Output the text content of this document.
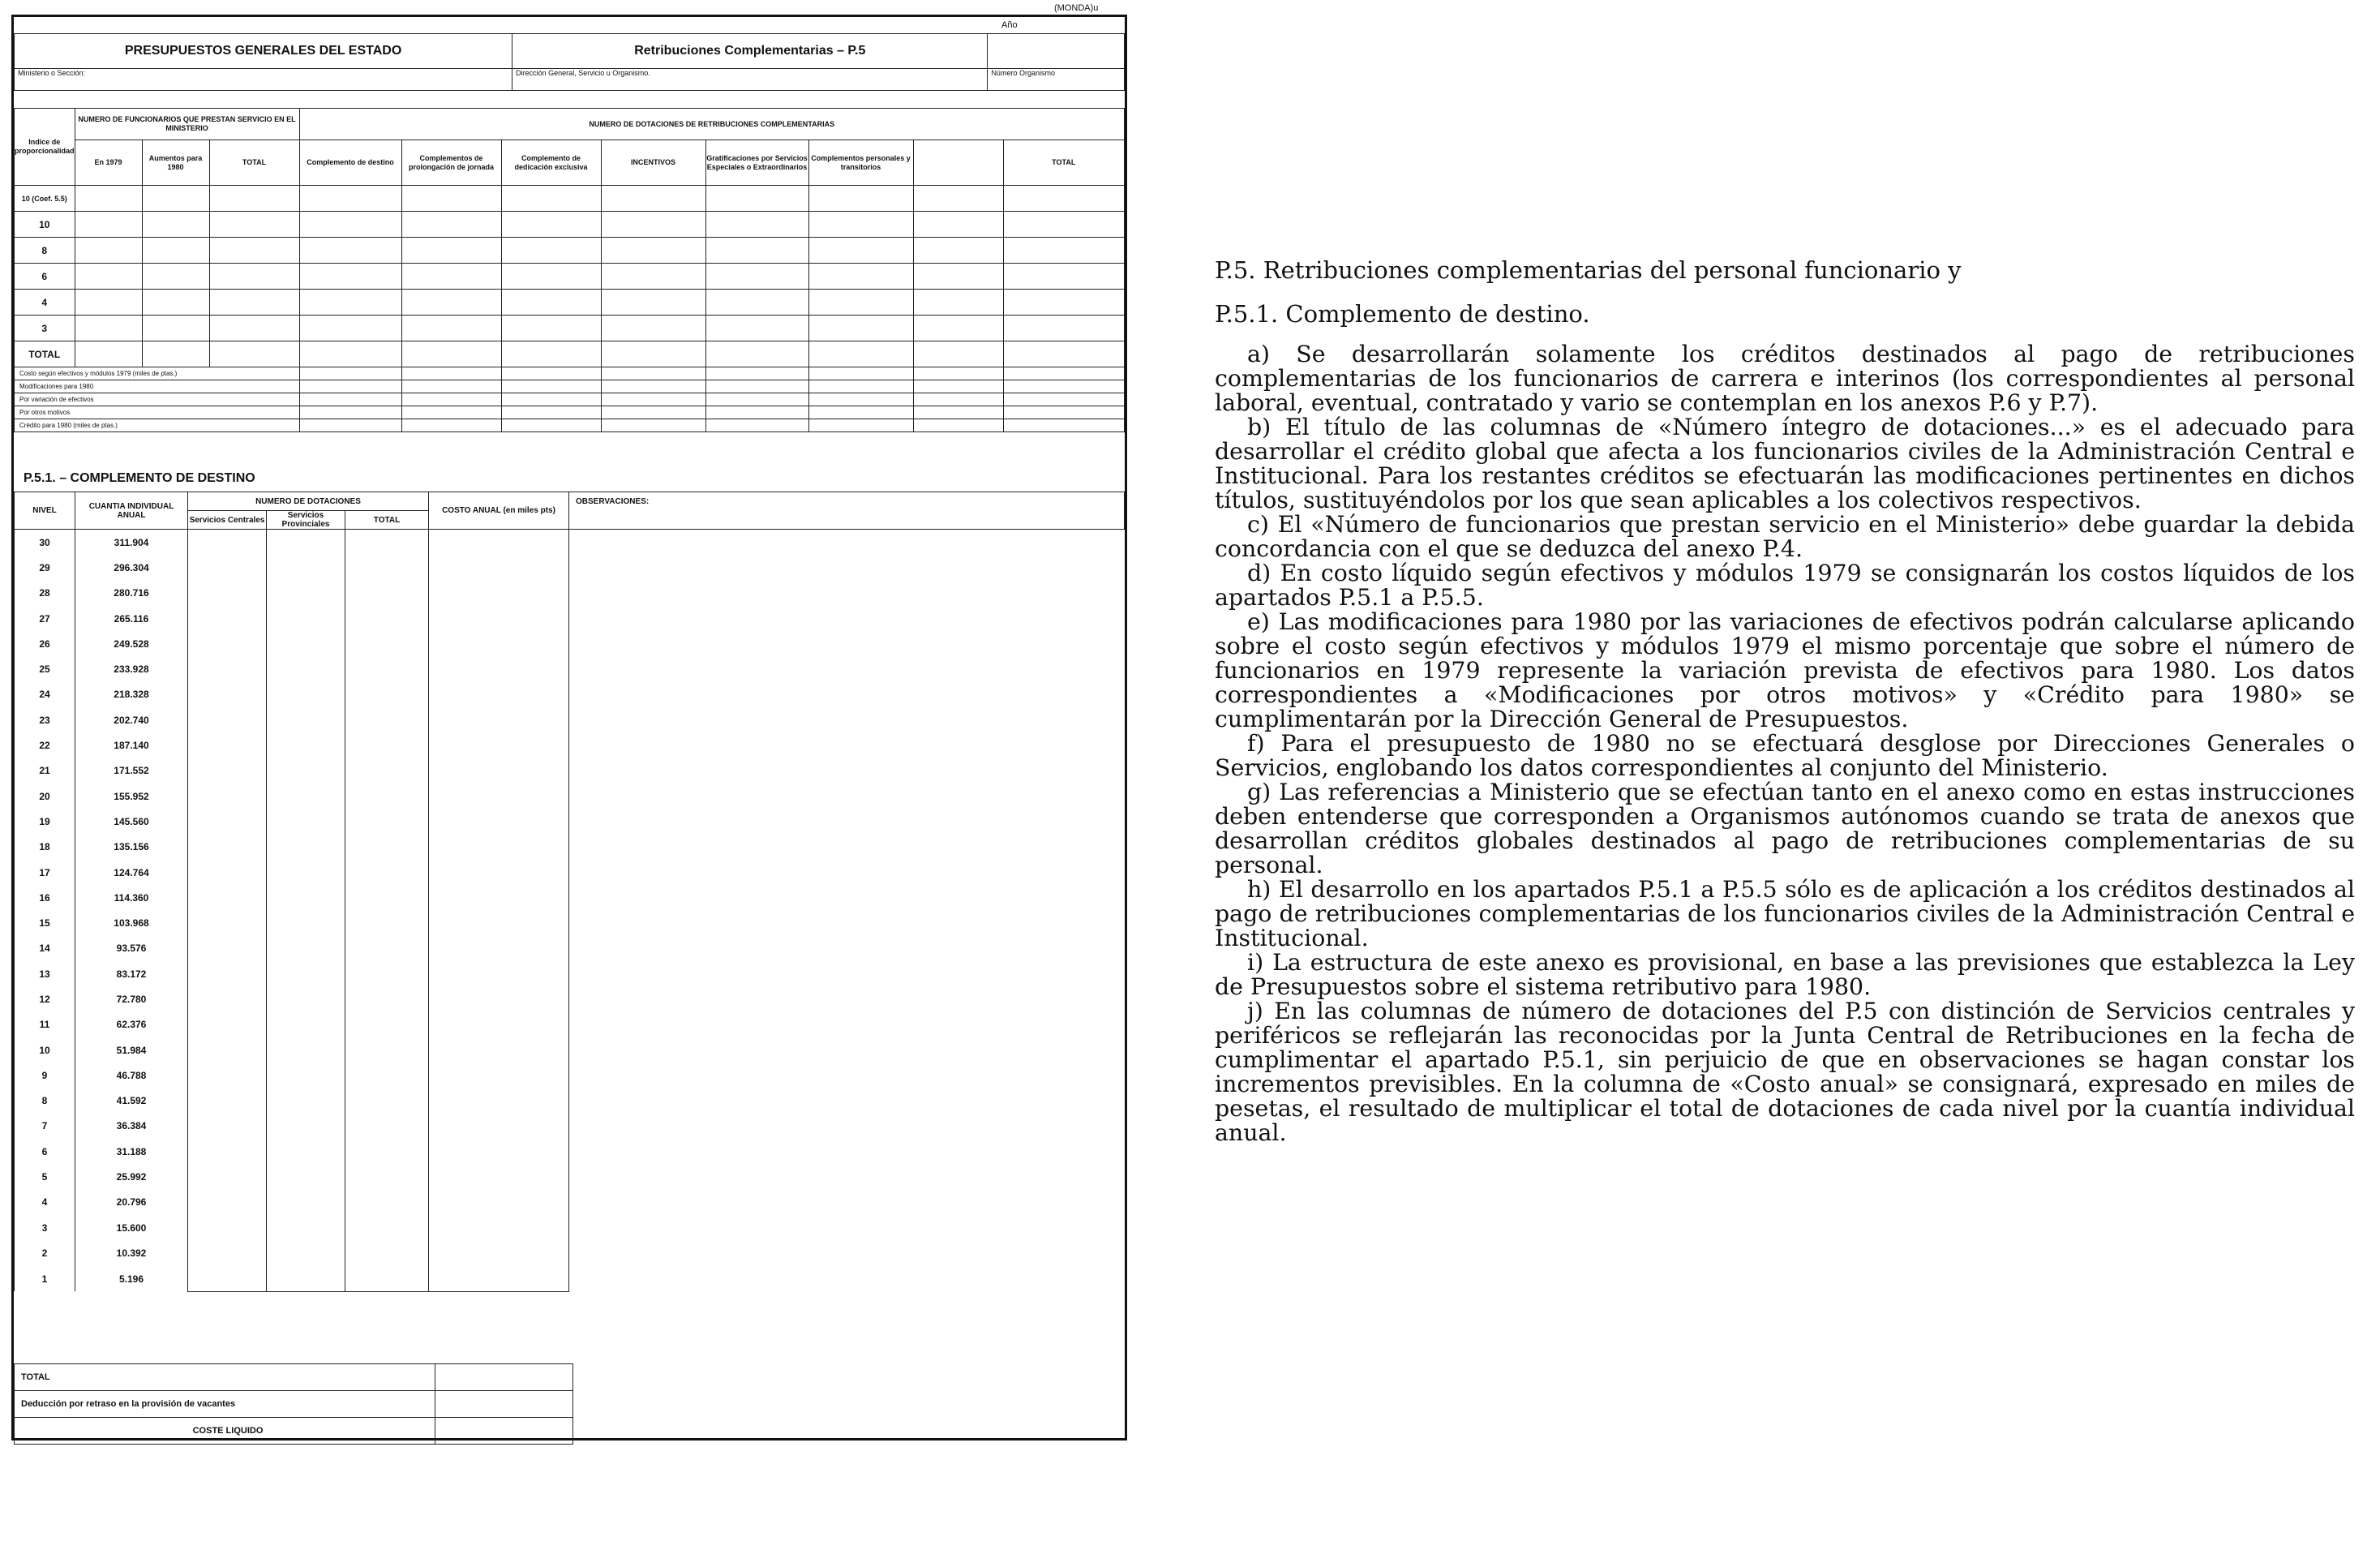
(MONDA)u
Año
PRESUPUESTOS GENERALES DEL ESTADO	Retribuciones Complementarias – P.5	
Ministerio o Sección:	Dirección General, Servicio u Organismo.	Número Organismo
Indice de proporcionalidad	NUMERO DE FUNCIONARIOS QUE PRESTAN SERVICIO EN EL MINISTERIO			NUMERO DE DOTACIONES DE RETRIBUCIONES COMPLEMENTARIAS							
	En 1979	Aumentos para 1980	TOTAL	Complemento de destino	Complementos de prolongación de jornada	Complemento de dedicación exclusiva	INCENTIVOS	Gratificaciones por Servicios Especiales o Extraordinarios	Complementos personales y transitorios		TOTAL
10 (Coef. 5.5)											
10											
8											
6											
4											
3											
TOTAL											
Costo según efectivos y módulos 1979 (miles de ptas.)											
Modificaciones para 1980											
Por variación de efectivos											
Por otros motivos											
Crédito para 1980 (miles de ptas.)											
P.5.1. – COMPLEMENTO DE DESTINO
NIVEL	CUANTIA INDIVIDUAL ANUAL	NUMERO DE DOTACIONES			COSTO ANUAL (en miles pts)	OBSERVACIONES:
		Servicios Centrales	Servicios Provinciales	TOTAL		
30	311.904					
29	296.304					
28	280.716					
27	265.116					
26	249.528					
25	233.928					
24	218.328					
23	202.740					
22	187.140					
21	171.552					
20	155.952					
19	145.560					
18	135.156					
17	124.764					
16	114.360					
15	103.968					
14	93.576					
13	83.172					
12	72.780					
11	62.376					
10	51.984					
9	46.788					
8	41.592					
7	36.384					
6	31.188					
5	25.992					
4	20.796					
3	15.600					
2	10.392					
1	5.196					
TOTAL	
Deducción por retraso en la provisión de vacantes	
COSTE LIQUIDO	
P.5. Retribuciones complementarias del personal funcionario y
P.5.1. Complemento de destino.

a) Se desarrollarán solamente los créditos destinados al pago de retribuciones complementarias de los funcionarios de carrera e interinos (los correspondientes al personal laboral, eventual, contratado y vario se contemplan en los anexos P.6 y P.7).

b) El título de las columnas de «Número íntegro de dotaciones...» es el adecuado para desarrollar el crédito global que afecta a los funcionarios civiles de la Administración Central e Institucional. Para los restantes créditos se efectuarán las modificaciones pertinentes en dichos títulos, sustituyéndolos por los que sean aplicables a los colectivos respectivos.

c) El «Número de funcionarios que prestan servicio en el Ministerio» debe guardar la debida concordancia con el que se deduzca del anexo P.4.

d) En costo líquido según efectivos y módulos 1979 se consignarán los costos líquidos de los apartados P.5.1 a P.5.5.

e) Las modificaciones para 1980 por las variaciones de efectivos podrán calcularse aplicando sobre el costo según efectivos y módulos 1979 el mismo porcentaje que sobre el número de funcionarios en 1979 represente la variación prevista de efectivos para 1980. Los datos correspondientes a «Modificaciones por otros motivos» y «Crédito para 1980» se cumplimentarán por la Dirección General de Presupuestos.

f) Para el presupuesto de 1980 no se efectuará desglose por Direcciones Generales o Servicios, englobando los datos correspondientes al conjunto del Ministerio.

g) Las referencias a Ministerio que se efectúan tanto en el anexo como en estas instrucciones deben entenderse que corresponden a Organismos autónomos cuando se trata de anexos que desarrollan créditos globales destinados al pago de retribuciones complementarias de su personal.

h) El desarrollo en los apartados P.5.1 a P.5.5 sólo es de aplicación a los créditos destinados al pago de retribuciones complementarias de los funcionarios civiles de la Administración Central e Institucional.

i) La estructura de este anexo es provisional, en base a las previsiones que establezca la Ley de Presupuestos sobre el sistema retributivo para 1980.

j) En las columnas de número de dotaciones del P.5 con distinción de Servicios centrales y periféricos se reflejarán las reconocidas por la Junta Central de Retribuciones en la fecha de cumplimentar el apartado P.5.1, sin perjuicio de que en observaciones se hagan constar los incrementos previsibles. En la columna de «Costo anual» se consignará, expresado en miles de pesetas, el resultado de multiplicar el total de dotaciones de cada nivel por la cuantía individual anual.
